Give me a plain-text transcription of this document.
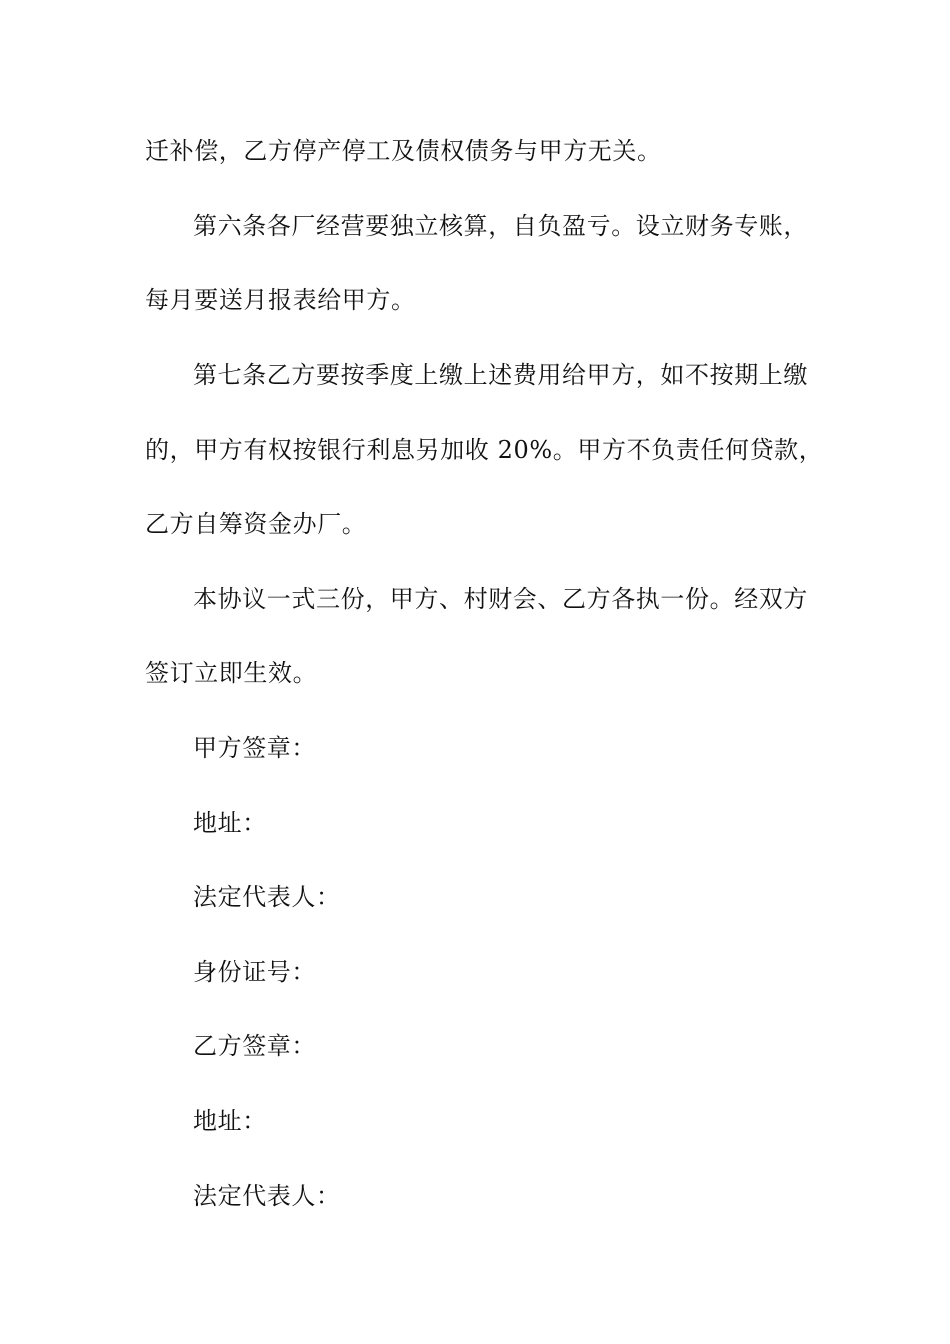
迁补偿，乙方停产停工及债权债务与甲方无关。
第六条各厂经营要独立核算，自负盈亏。设立财务专账，
每月要送月报表给甲方。
第七条乙方要按季度上缴上述费用给甲方，如不按期上缴
的，甲方有权按银行利息另加收 20%。甲方不负责任何贷款，
乙方自筹资金办厂。
本协议一式三份，甲方、村财会、乙方各执一份。经双方
签订立即生效。
甲方签章：
地址：
法定代表人：
身份证号：
乙方签章：
地址：
法定代表人：
